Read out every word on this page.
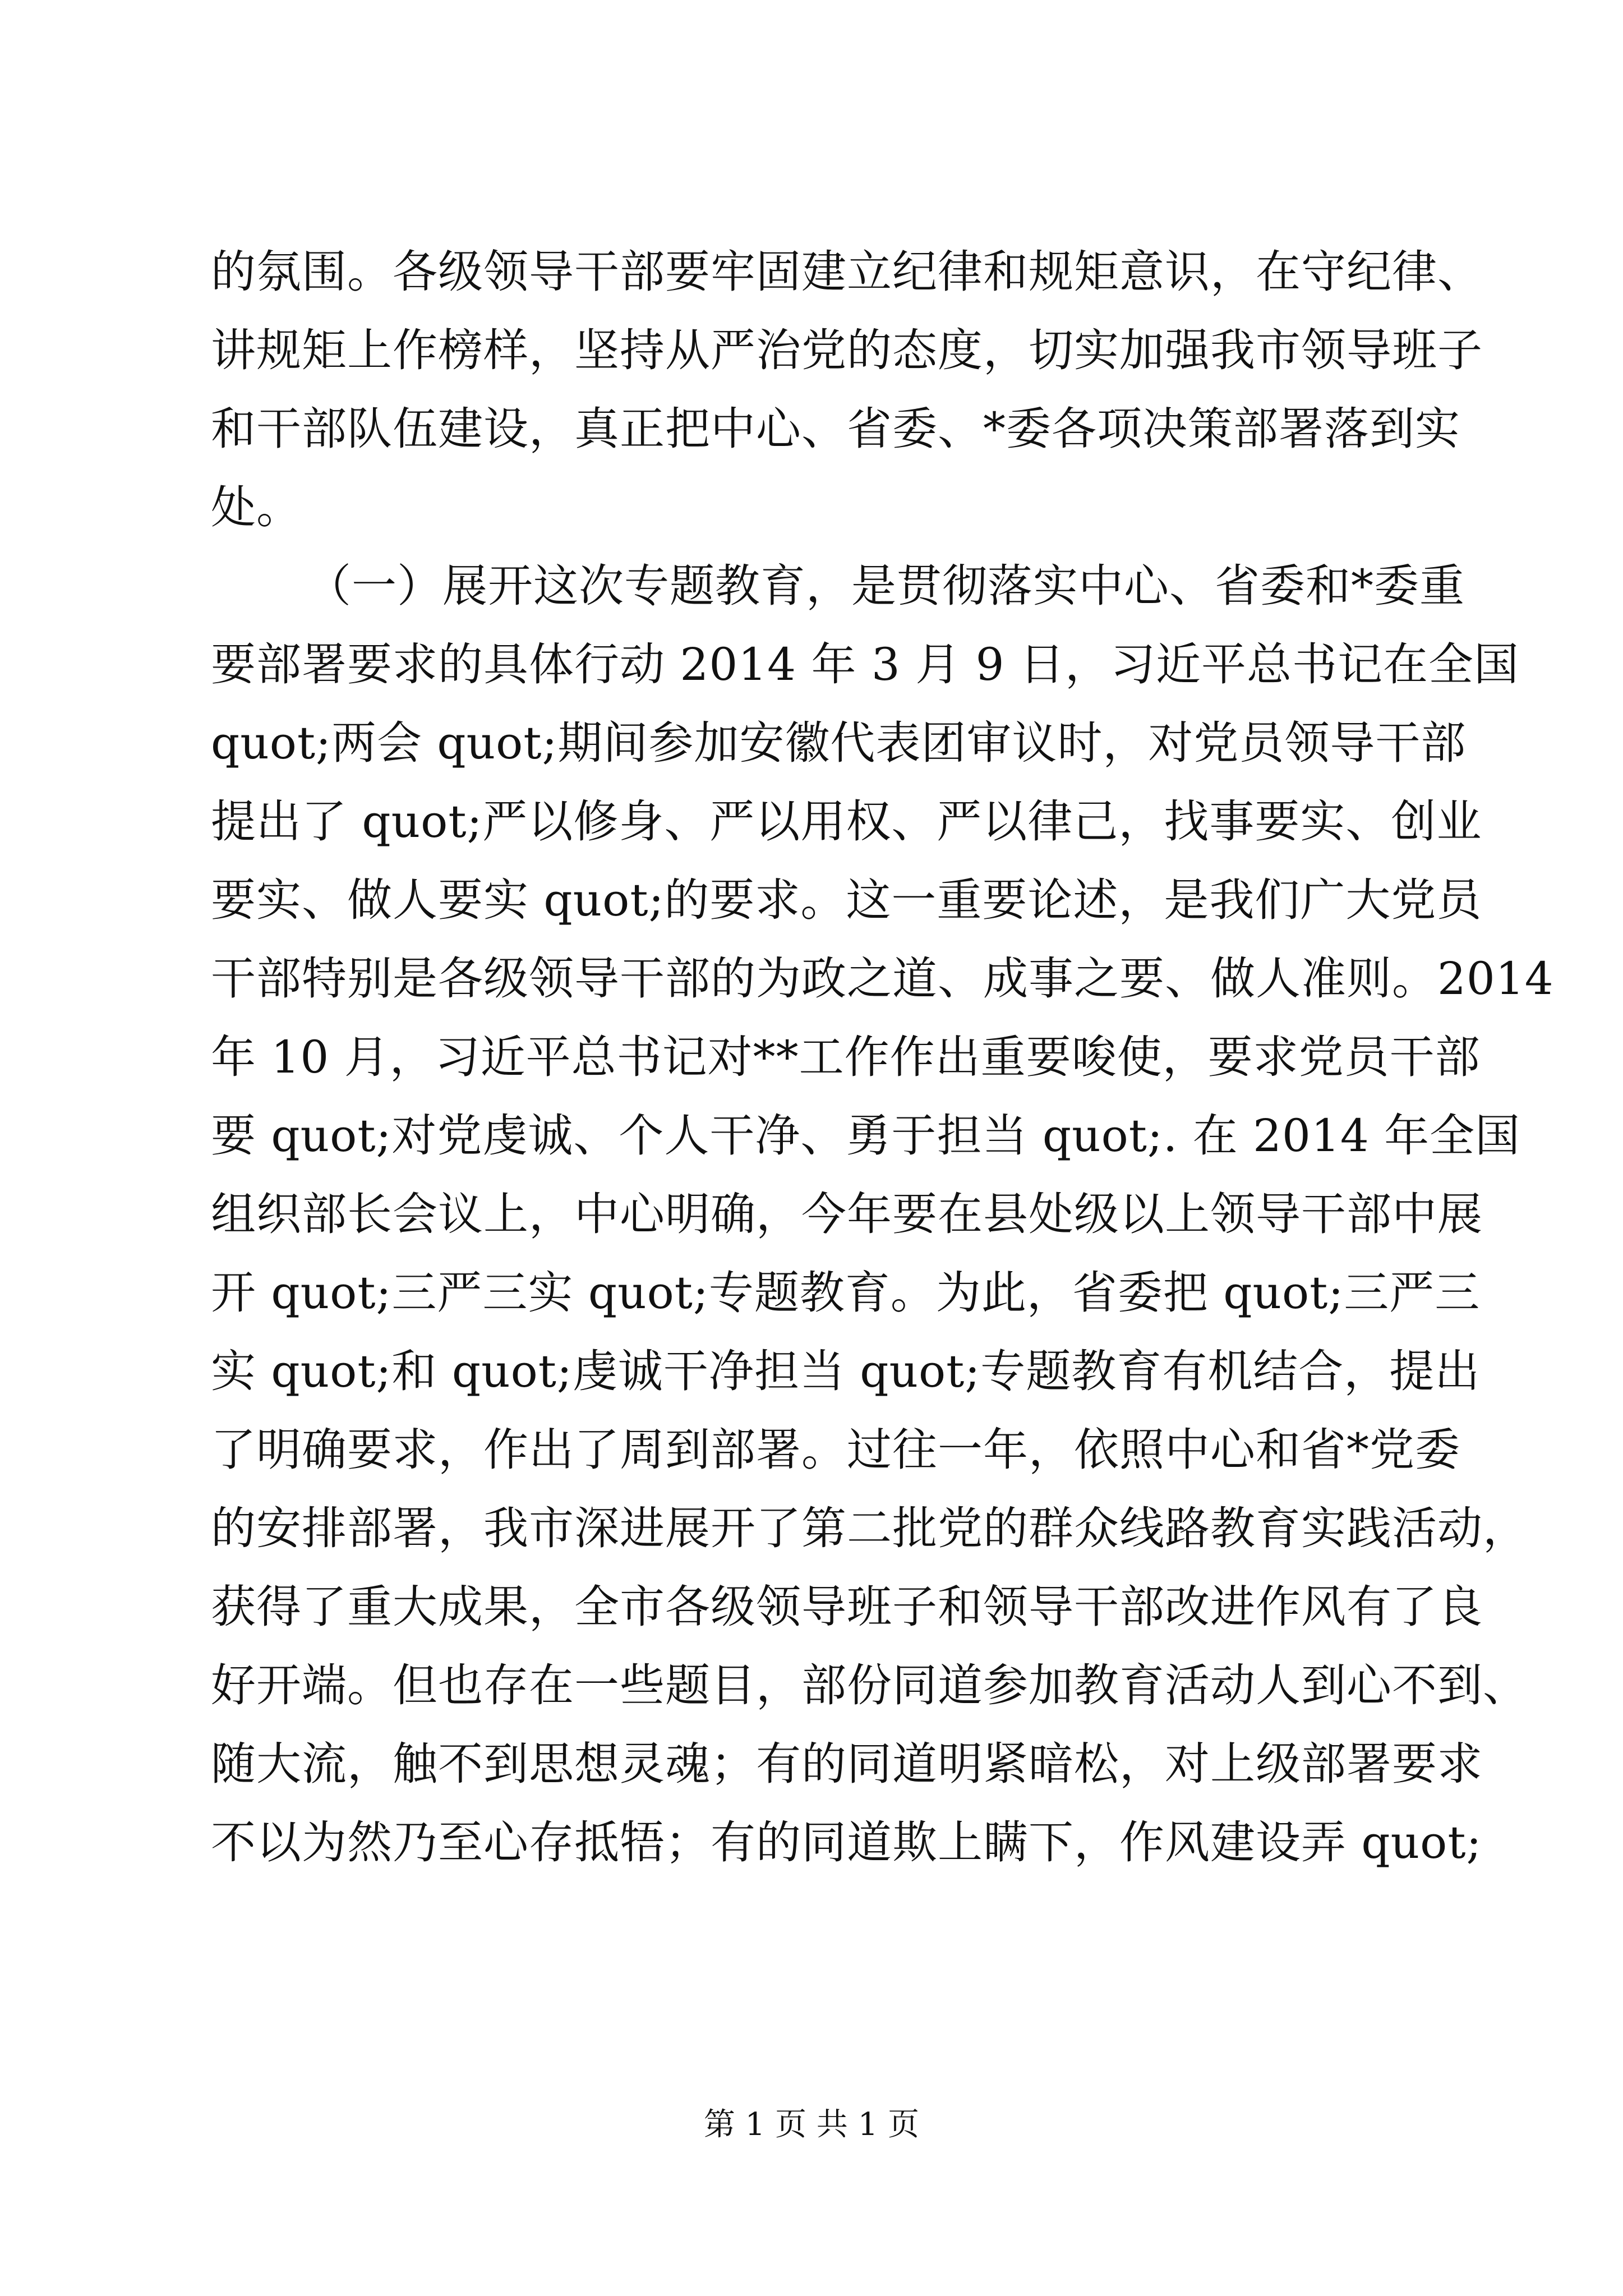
的氛围。各级领导干部要牢固建立纪律和规矩意识，在守纪律、
讲规矩上作榜样，坚持从严治党的态度，切实加强我市领导班子
和干部队伍建设，真正把中心、省委、*委各项决策部署落到实
处。
（一）展开这次专题教育，是贯彻落实中心、省委和*委重
要部署要求的具体行动 2014 年 3 月 9 日，习近平总书记在全国
quot;两会 quot;期间参加安徽代表团审议时，对党员领导干部
提出了 quot;严以修身、严以用权、严以律己，找事要实、创业
要实、做人要实 quot;的要求。这一重要论述，是我们广大党员
干部特别是各级领导干部的为政之道、成事之要、做人准则。2014
年 10 月，习近平总书记对**工作作出重要唆使，要求党员干部
要 quot;对党虔诚、个人干净、勇于担当 quot;. 在 2014 年全国
组织部长会议上，中心明确，今年要在县处级以上领导干部中展
开 quot;三严三实 quot;专题教育。为此，省委把 quot;三严三
实 quot;和 quot;虔诚干净担当 quot;专题教育有机结合，提出
了明确要求，作出了周到部署。过往一年，依照中心和省*党委
的安排部署，我市深进展开了第二批党的群众线路教育实践活动，
获得了重大成果，全市各级领导班子和领导干部改进作风有了良
好开端。但也存在一些题目，部份同道参加教育活动人到心不到、
随大流，触不到思想灵魂；有的同道明紧暗松，对上级部署要求
不以为然乃至心存抵牾；有的同道欺上瞒下，作风建设弄 quot;
第 1 页 共 1 页
